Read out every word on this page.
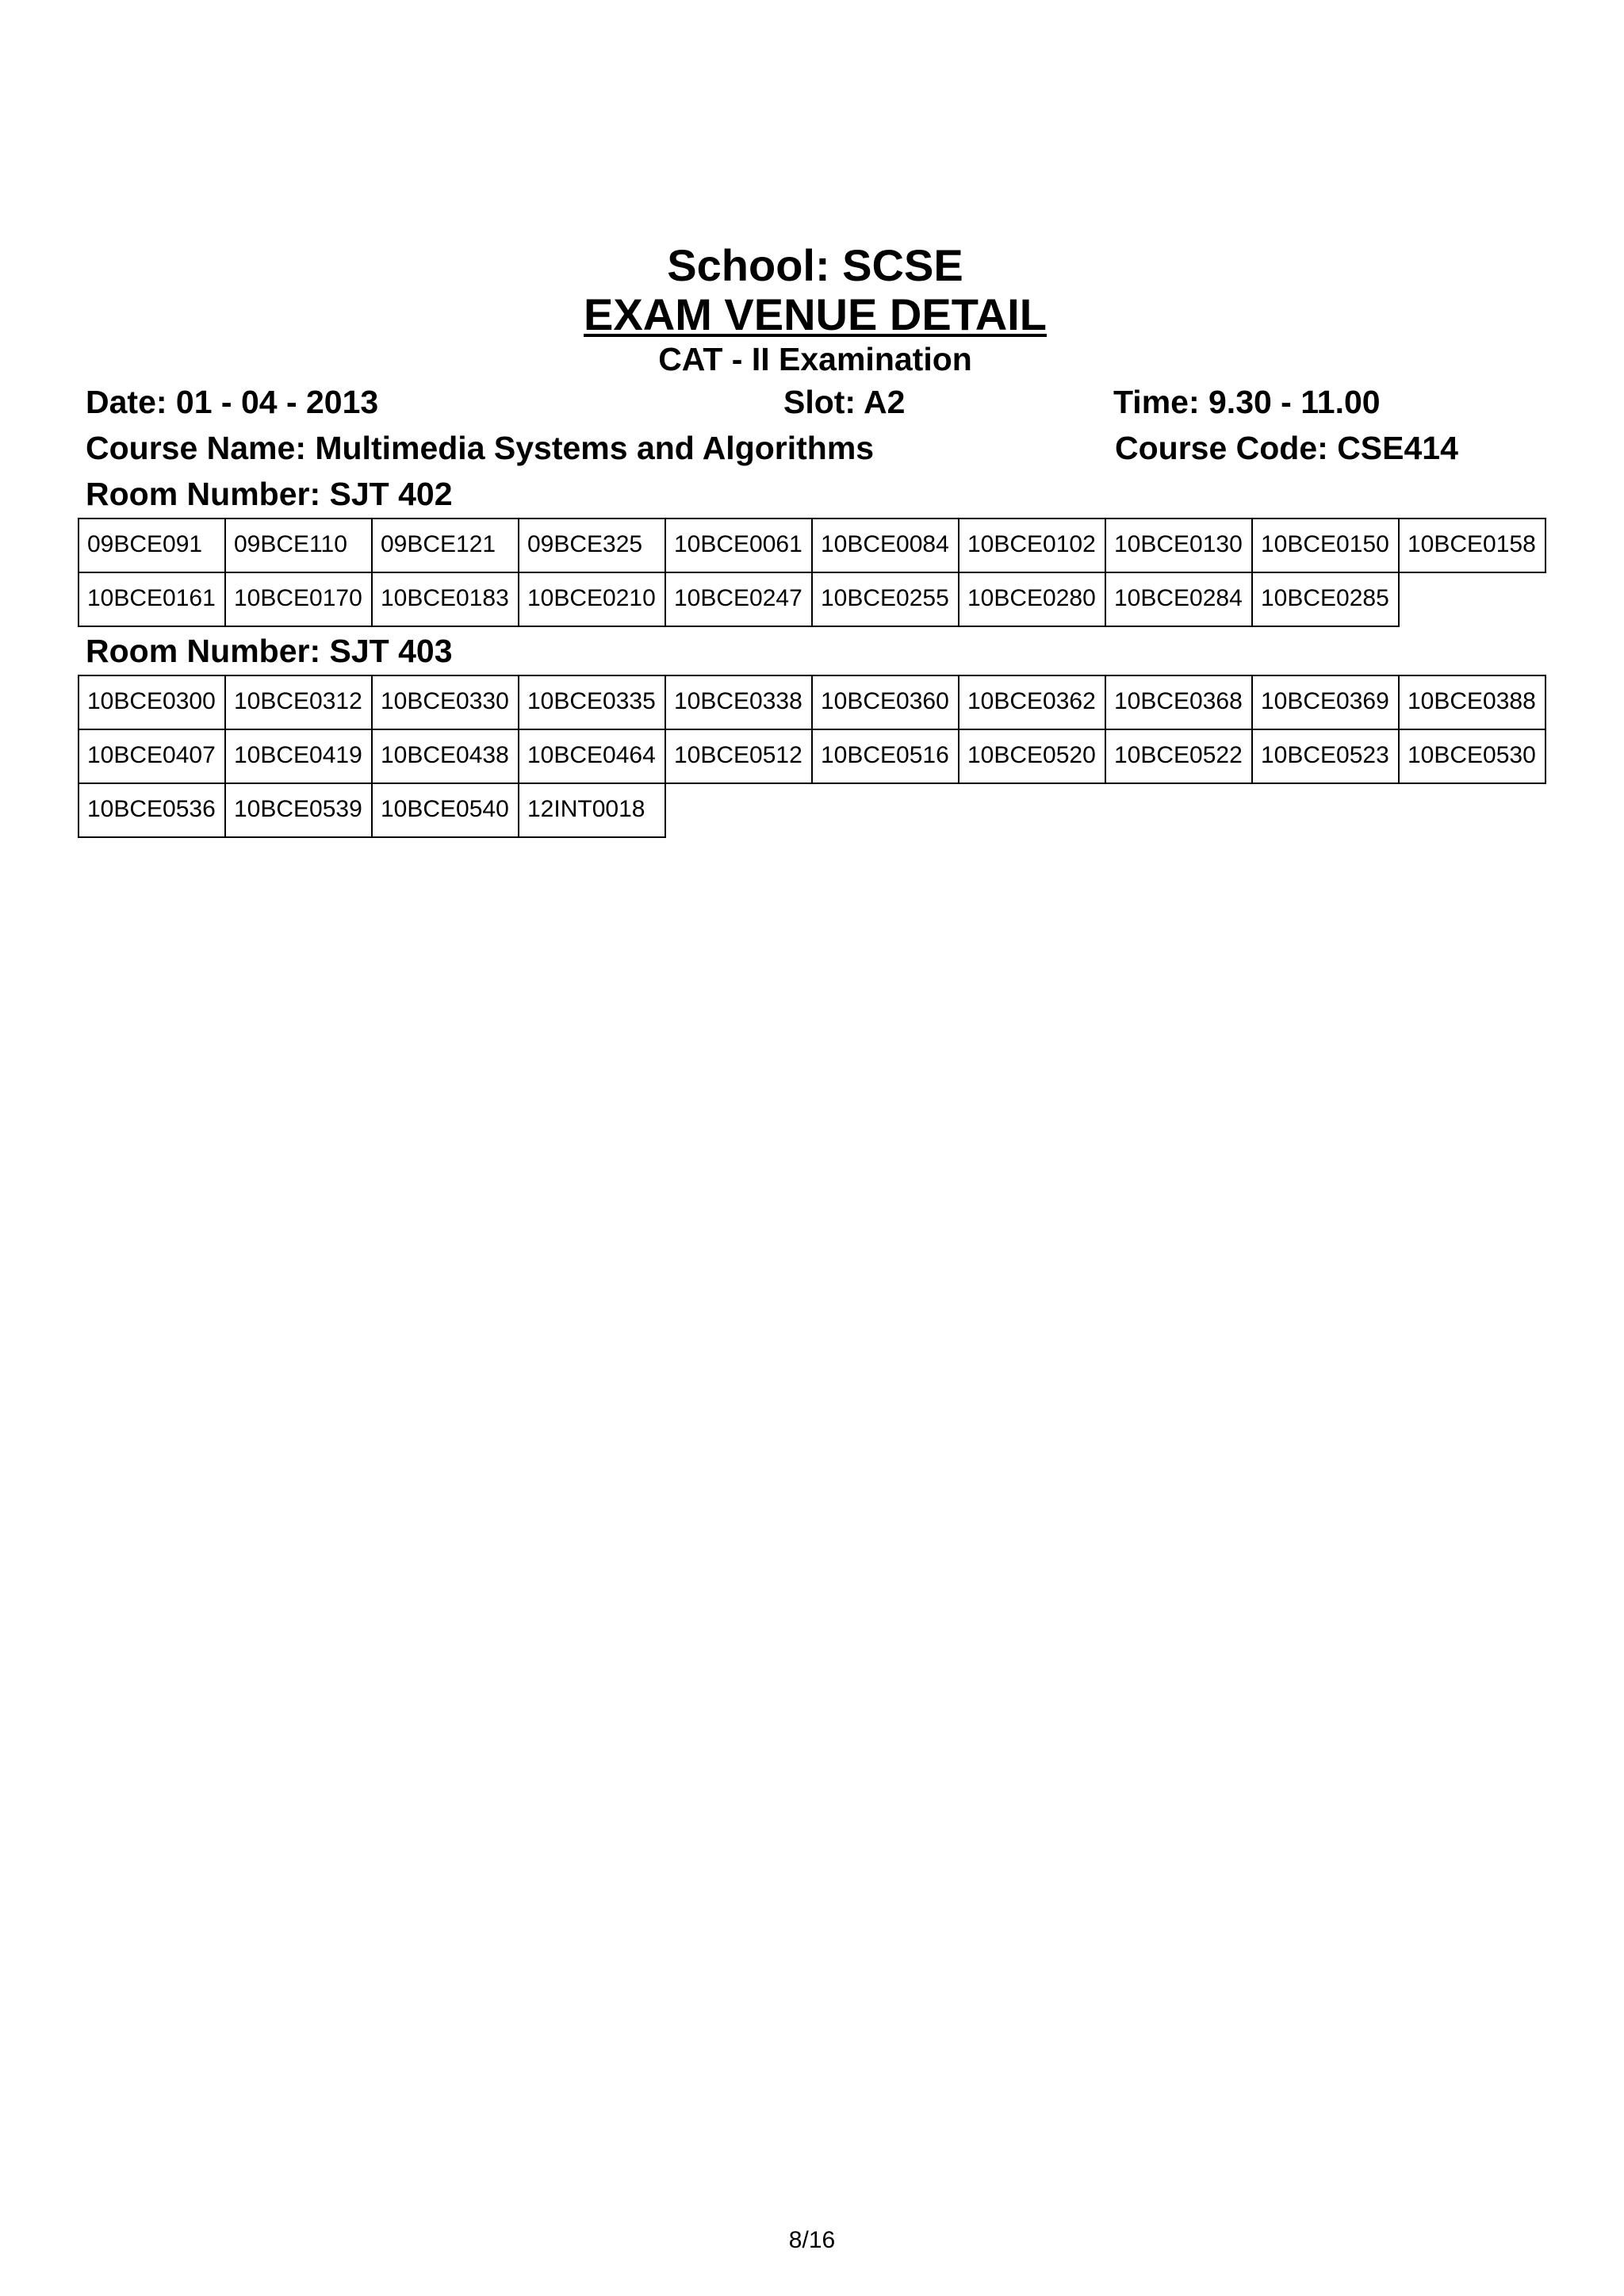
School: SCSE
EXAM VENUE DETAIL
CAT - II Examination
Date: 01 - 04 - 2013	Slot: A2	Time: 9.30 - 11.00
Course Name: Multimedia Systems and Algorithms	Course Code: CSE414
Room Number: SJT 402
09BCE091	09BCE110	09BCE121	09BCE325	10BCE0061 10BCE0084 10BCE0102 10BCE0130 10BCE0150 10BCE0158
10BCE0161 10BCE0170 10BCE0183 10BCE0210 10BCE0247 10BCE0255 10BCE0280 10BCE0284 10BCE0285
Room Number: SJT 403
10BCE0300 10BCE0312 10BCE0330 10BCE0335 10BCE0338 10BCE0360 10BCE0362 10BCE0368 10BCE0369 10BCE0388
10BCE0407 10BCE0419 10BCE0438 10BCE0464 10BCE0512 10BCE0516 10BCE0520 10BCE0522 10BCE0523 10BCE0530
10BCE0536 10BCE0539 10BCE0540 12INT0018
8/16
